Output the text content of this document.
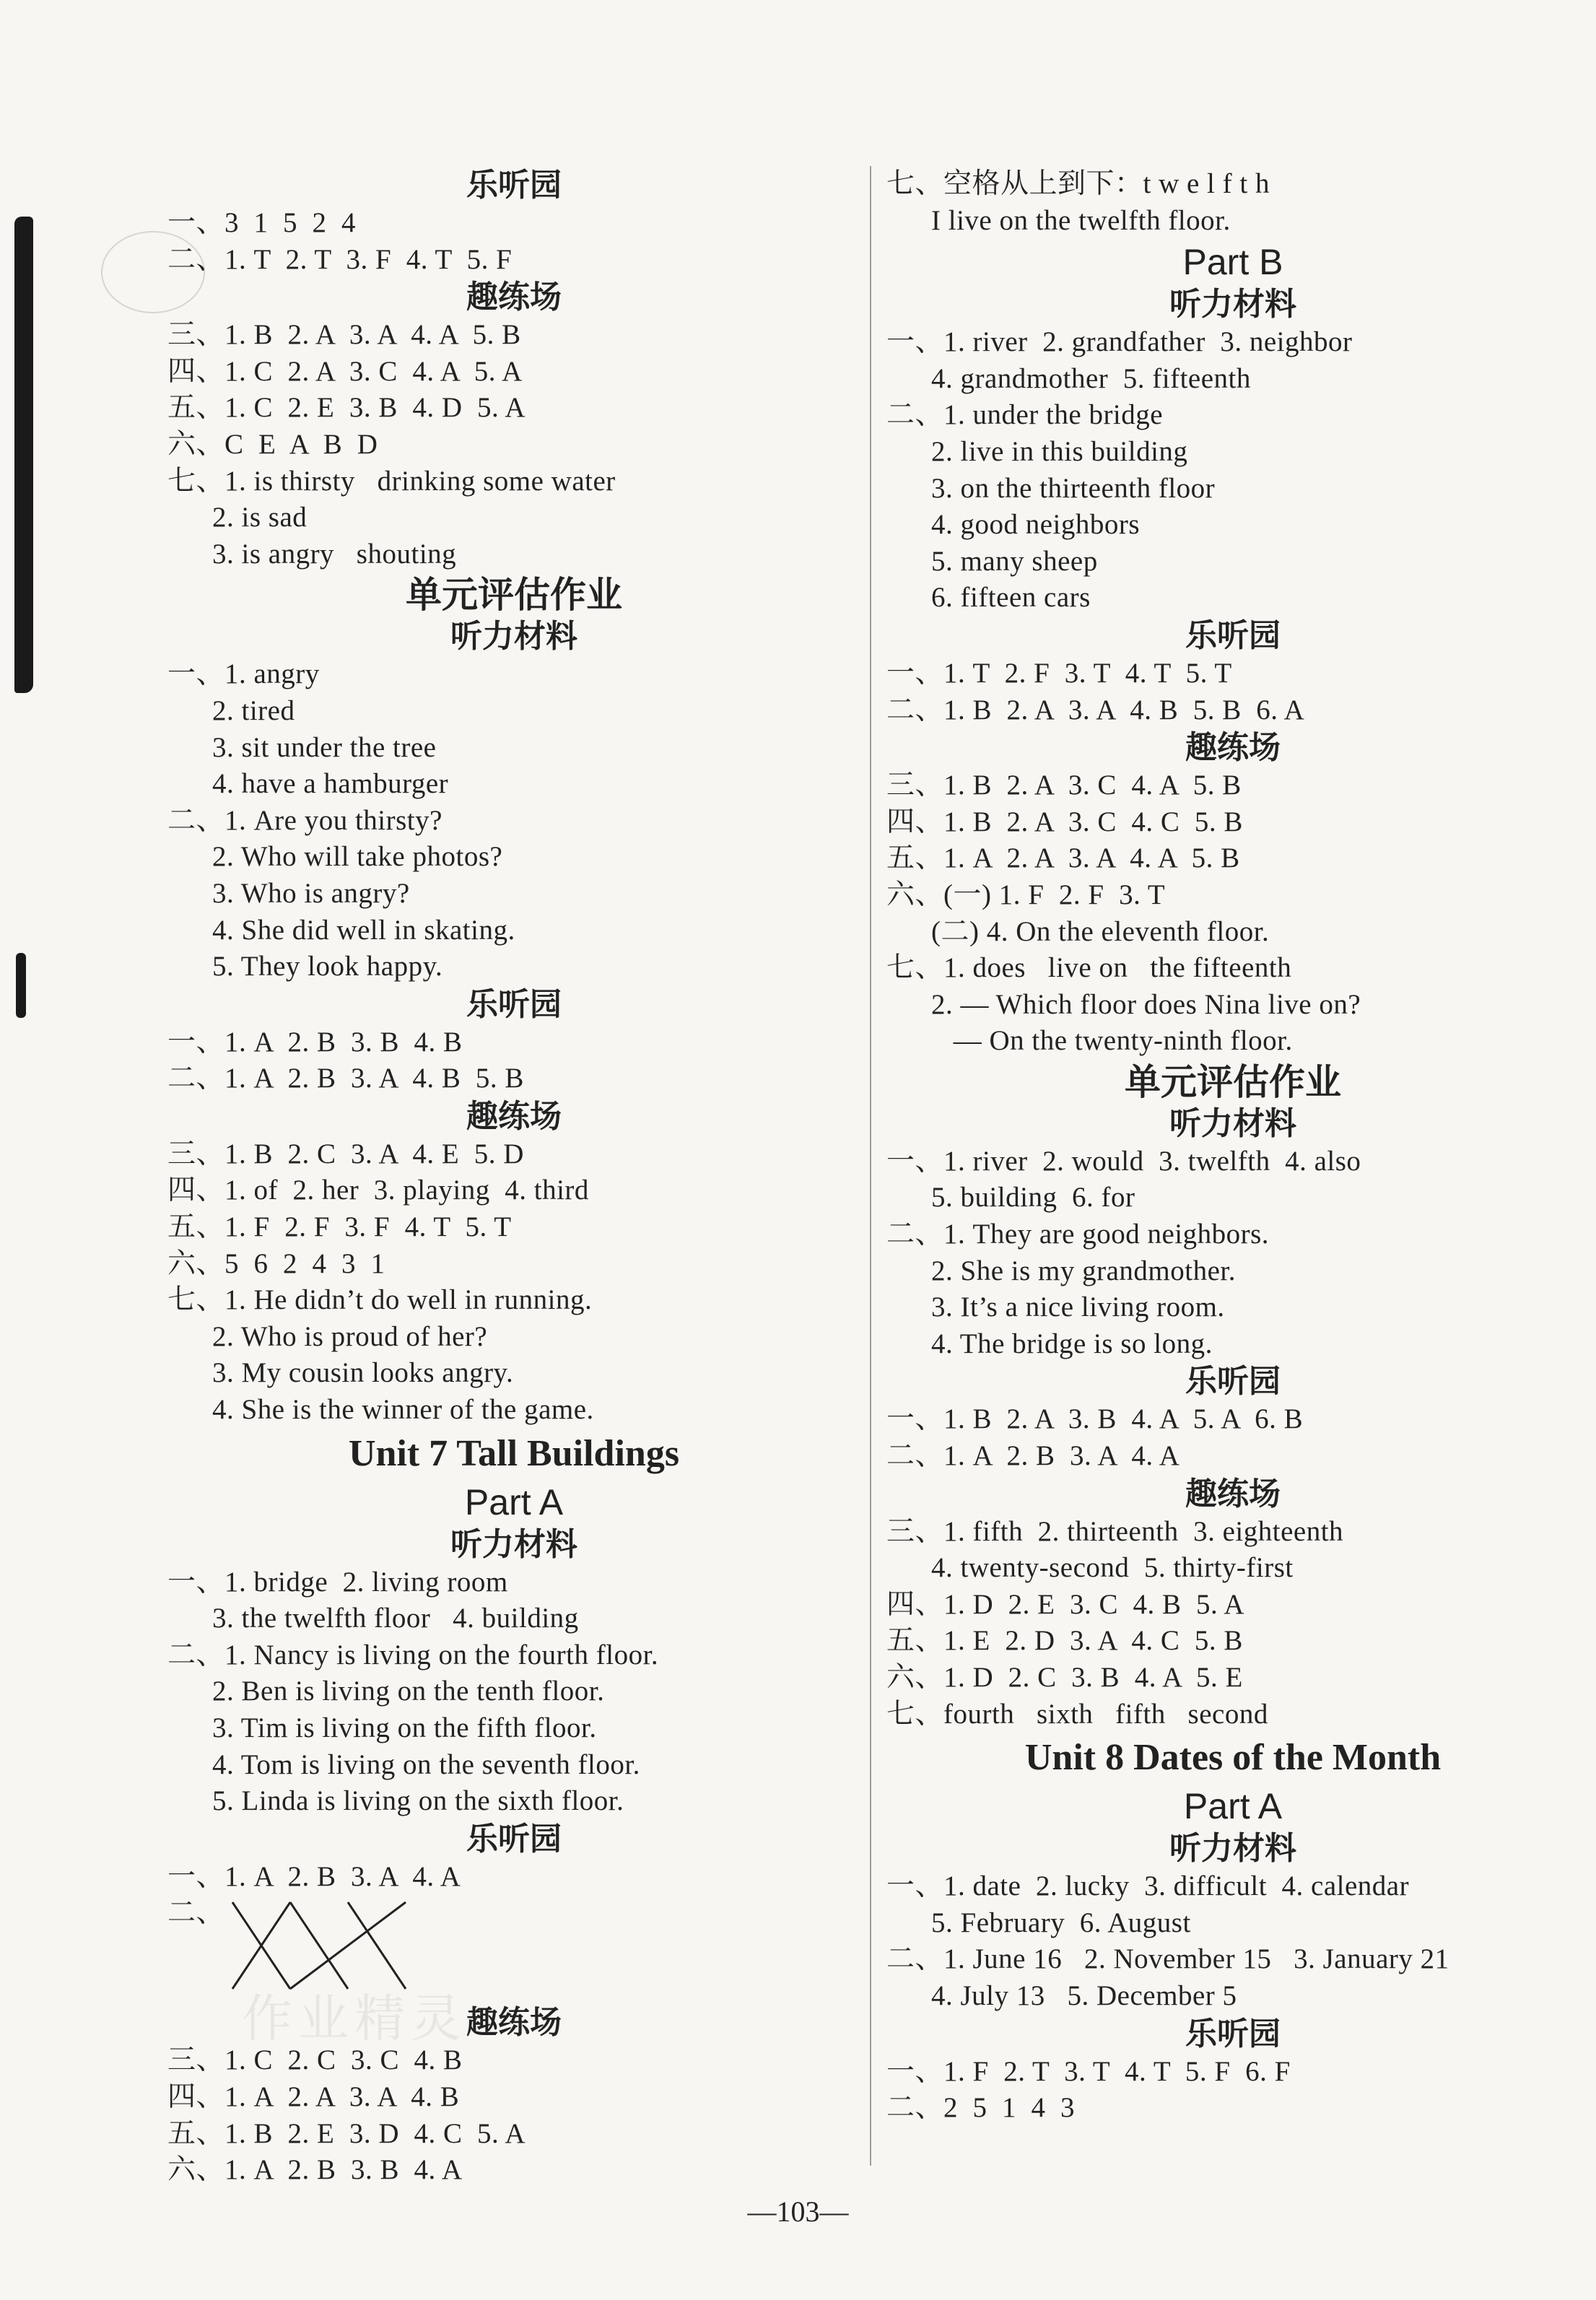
乐听园
一、3  1  5  2  4
二、1. T  2. T  3. F  4. T  5. F
趣练场
三、1. B  2. A  3. A  4. A  5. B
四、1. C  2. A  3. C  4. A  5. A
五、1. C  2. E  3. B  4. D  5. A
六、C  E  A  B  D
七、1. is thirsty   drinking some water
2. is sad
3. is angry   shouting
单元评估作业
听力材料
一、1. angry
2. tired
3. sit under the tree
4. have a hamburger
二、1. Are you thirsty?
2. Who will take photos?
3. Who is angry?
4. She did well in skating.
5. They look happy.
乐听园
一、1. A  2. B  3. B  4. B
二、1. A  2. B  3. A  4. B  5. B
趣练场
三、1. B  2. C  3. A  4. E  5. D
四、1. of  2. her  3. playing  4. third
五、1. F  2. F  3. F  4. T  5. T
六、5  6  2  4  3  1
七、1. He didn’t do well in running.
2. Who is proud of her?
3. My cousin looks angry.
4. She is the winner of the game.
Unit 7 Tall Buildings
Part A
听力材料
一、1. bridge  2. living room
3. the twelfth floor   4. building
二、1. Nancy is living on the fourth floor.
2. Ben is living on the tenth floor.
3. Tim is living on the fifth floor.
4. Tom is living on the seventh floor.
5. Linda is living on the sixth floor.
乐听园
一、1. A  2. B  3. A  4. A
二、
趣练场
三、1. C  2. C  3. C  4. B
四、1. A  2. A  3. A  4. B
五、1. B  2. E  3. D  4. C  5. A
六、1. A  2. B  3. B  4. A
七、空格从上到下：t w e l f t h
I live on the twelfth floor.
Part B
听力材料
一、1. river  2. grandfather  3. neighbor
4. grandmother  5. fifteenth
二、1. under the bridge
2. live in this building
3. on the thirteenth floor
4. good neighbors
5. many sheep
6. fifteen cars
乐听园
一、1. T  2. F  3. T  4. T  5. T
二、1. B  2. A  3. A  4. B  5. B  6. A
趣练场
三、1. B  2. A  3. C  4. A  5. B
四、1. B  2. A  3. C  4. C  5. B
五、1. A  2. A  3. A  4. A  5. B
六、(一) 1. F  2. F  3. T
(二) 4. On the eleventh floor.
七、1. does   live on   the fifteenth
2. — Which floor does Nina live on?
— On the twenty-ninth floor.
单元评估作业
听力材料
一、1. river  2. would  3. twelfth  4. also
5. building  6. for
二、1. They are good neighbors.
2. She is my grandmother.
3. It’s a nice living room.
4. The bridge is so long.
乐听园
一、1. B  2. A  3. B  4. A  5. A  6. B
二、1. A  2. B  3. A  4. A
趣练场
三、1. fifth  2. thirteenth  3. eighteenth
4. twenty-second  5. thirty-first
四、1. D  2. E  3. C  4. B  5. A
五、1. E  2. D  3. A  4. C  5. B
六、1. D  2. C  3. B  4. A  5. E
七、fourth   sixth   fifth   second
Unit 8 Dates of the Month
Part A
听力材料
一、1. date  2. lucky  3. difficult  4. calendar
5. February  6. August
二、1. June 16   2. November 15   3. January 21
4. July 13   5. December 5
乐听园
一、1. F  2. T  3. T  4. T  5. F  6. F
二、2  5  1  4  3
作业精灵
—103—
